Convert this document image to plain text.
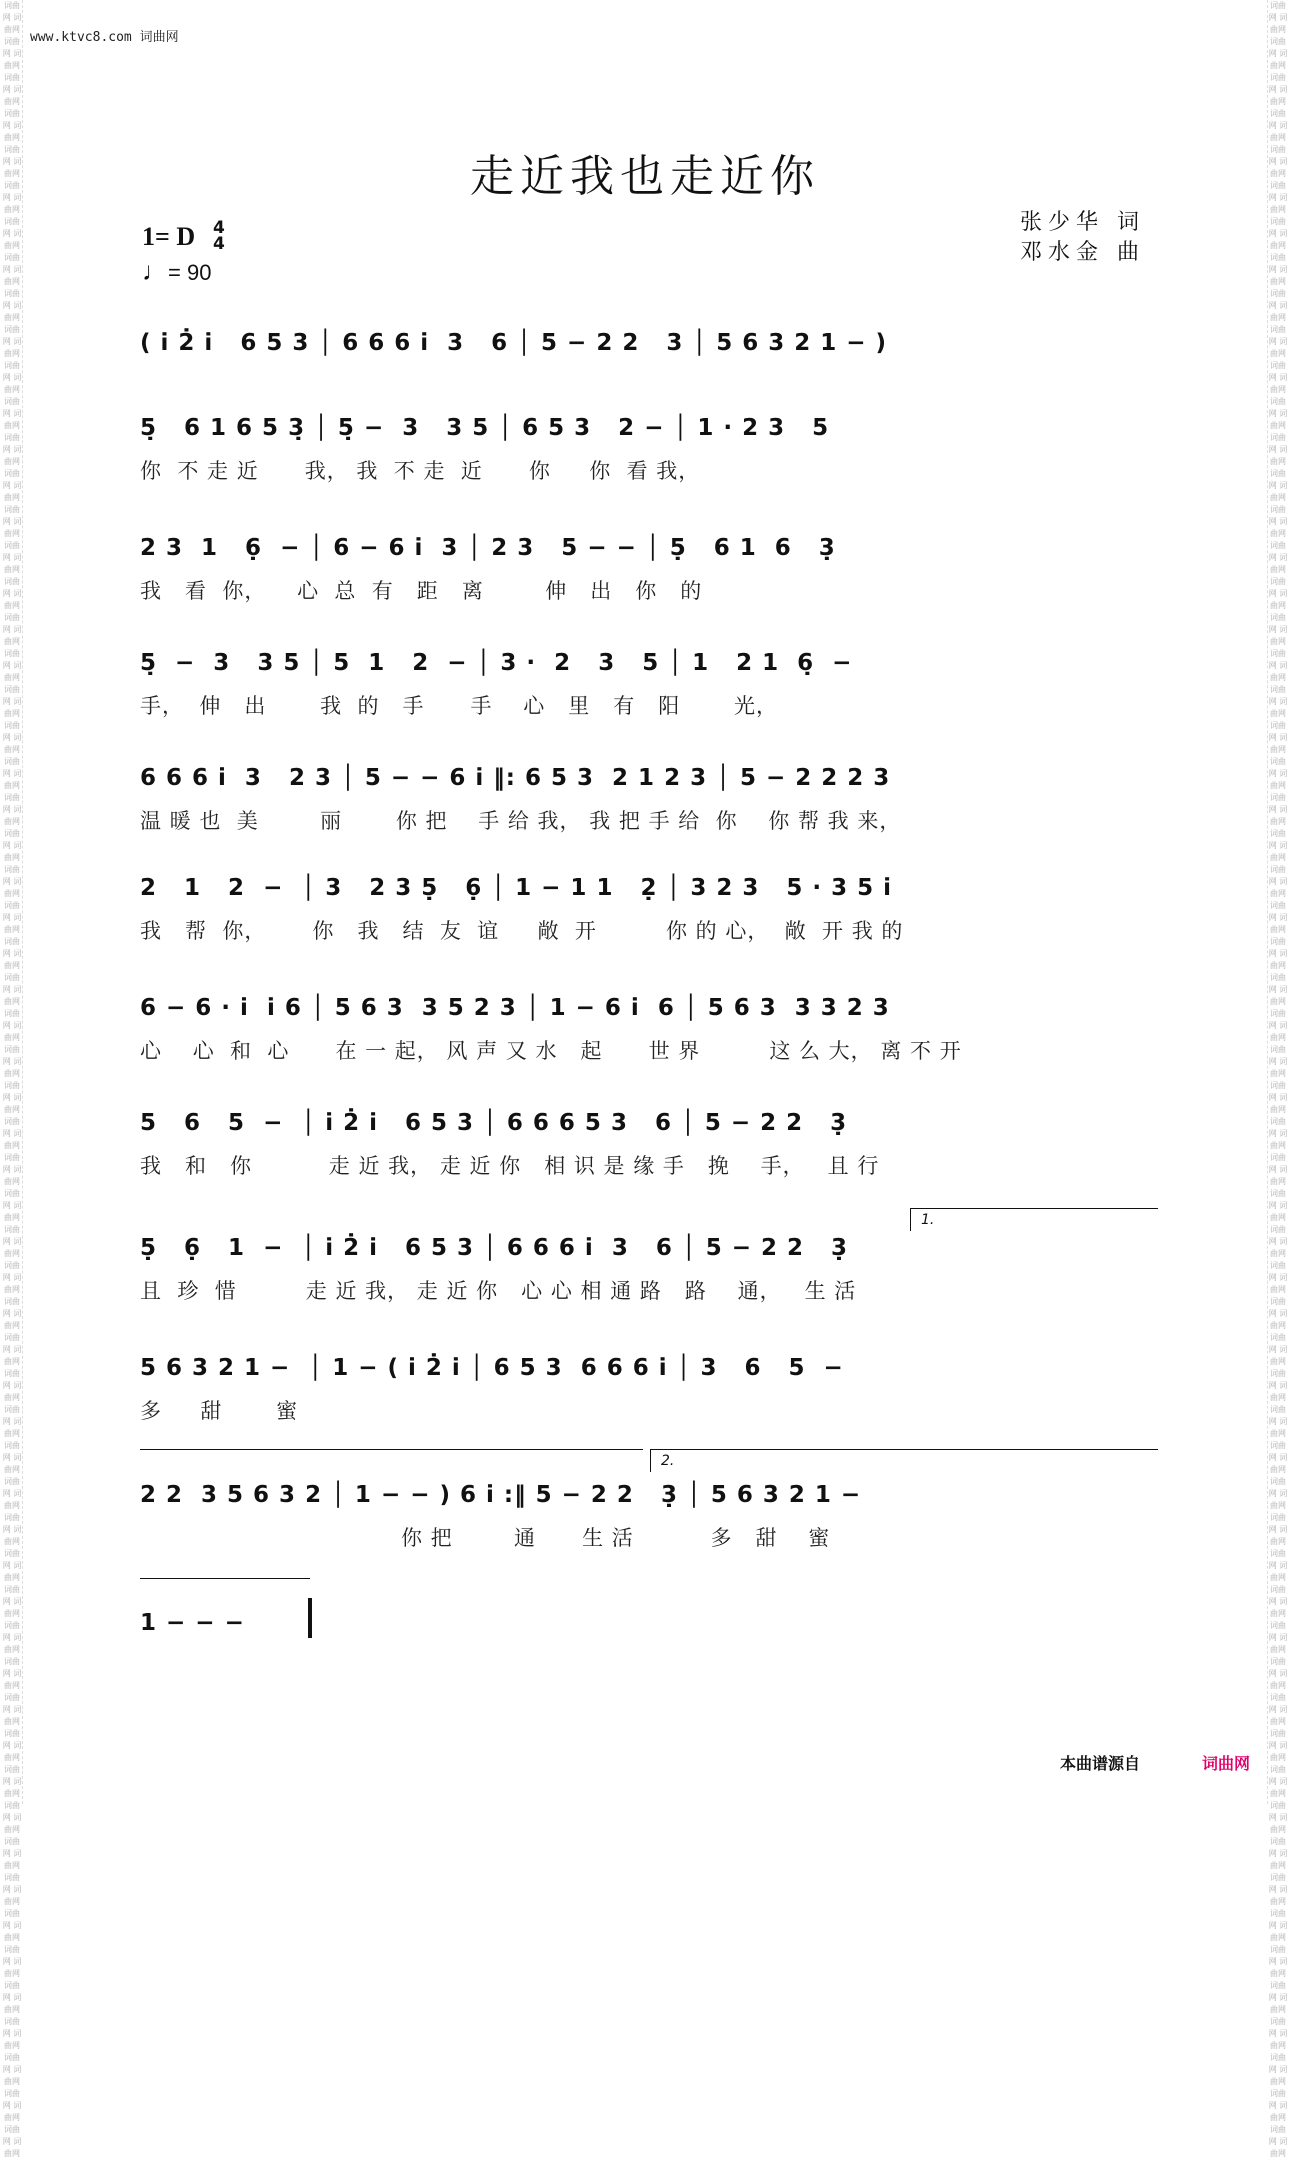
词曲网 词曲网 词曲网 词曲网 词曲网 词曲网 词曲网 词曲网 词曲网 词曲网 词曲网 词曲网 词曲网 词曲网 词曲网 词曲网 词曲网 词曲网 词曲网 词曲网 词曲网 词曲网 词曲网 词曲网 词曲网 词曲网 词曲网 词曲网 词曲网 词曲网 词曲网 词曲网 词曲网 词曲网 词曲网 词曲网 词曲网 词曲网 词曲网 词曲网 词曲网 词曲网 词曲网 词曲网 词曲网 词曲网 词曲网 词曲网 词曲网 词曲网 词曲网 词曲网 词曲网 词曲网 词曲网 词曲网 词曲网 词曲网 词曲网 词曲网 词曲网 词曲网 词曲网 词曲网 词曲网 词曲网 词曲网 词曲网 词曲网 词曲网 词曲网 词曲网 词曲网 词曲网 词曲网 词曲网 词曲网 词曲网 词曲网 词曲网 词曲网 词曲网 词曲网 词曲网 词曲网 词曲网 词曲网 词曲网 词曲网 词曲网 词曲网 词曲网 词曲网 词曲网 词曲网 词曲网 词曲网 词曲网 词曲网 词曲网 词曲网 词曲网 词曲网 词曲网 词曲网 词曲网 词曲网 词曲网 词曲网 词曲网 词曲网 词曲网 词曲网 词曲网 词曲网 词曲网 词曲网 词曲网 词曲网 词曲网
词曲网 词曲网 词曲网 词曲网 词曲网 词曲网 词曲网 词曲网 词曲网 词曲网 词曲网 词曲网 词曲网 词曲网 词曲网 词曲网 词曲网 词曲网 词曲网 词曲网 词曲网 词曲网 词曲网 词曲网 词曲网 词曲网 词曲网 词曲网 词曲网 词曲网 词曲网 词曲网 词曲网 词曲网 词曲网 词曲网 词曲网 词曲网 词曲网 词曲网 词曲网 词曲网 词曲网 词曲网 词曲网 词曲网 词曲网 词曲网 词曲网 词曲网 词曲网 词曲网 词曲网 词曲网 词曲网 词曲网 词曲网 词曲网 词曲网 词曲网 词曲网 词曲网 词曲网 词曲网 词曲网 词曲网 词曲网 词曲网 词曲网 词曲网 词曲网 词曲网 词曲网 词曲网 词曲网 词曲网 词曲网 词曲网 词曲网 词曲网 词曲网 词曲网 词曲网 词曲网 词曲网 词曲网 词曲网 词曲网 词曲网 词曲网 词曲网 词曲网 词曲网 词曲网 词曲网 词曲网 词曲网 词曲网 词曲网 词曲网 词曲网 词曲网 词曲网 词曲网 词曲网 词曲网 词曲网 词曲网 词曲网 词曲网 词曲网 词曲网 词曲网 词曲网 词曲网 词曲网 词曲网 词曲网 词曲网 词曲网
www.ktvc8.com 词曲网
走近我也走近你
1= D 4
4
♩= 90
张少华 词
邓水金 曲
( i̇ 2̇ i̇   6 5 3 │ 6 6 6 i̇  3   6 │ 5 − 2 2   3 │ 5 6 3 2 1 − )
5̣   6 1 6 5 3̣ │ 5̣ −  3   3 5 │ 6 5 3   2 − │ 1 · 2 3   5
你  不 走 近      我， 我  不 走  近      你     你  看 我，
2 3  1   6̣  − │ 6 − 6 i̇  3 │ 2 3   5 − − │ 5̣   6 1  6   3̣
我   看  你，    心  总  有   距   离        伸   出   你   的
5̣  −  3   3 5 │ 5  1   2  − │ 3 ·  2   3   5 │ 1   2 1  6̣  −
手，  伸   出       我  的   手      手    心   里   有   阳       光，
6 6 6 i̇  3   2 3 │ 5 − − 6 i̇ ‖: 6 5 3  2 1 2 3 │ 5 − 2 2 2 3
温 暖 也  美        丽       你 把    手 给 我， 我 把 手 给  你    你 帮 我 来，
2   1   2  −  │ 3   2 3 5̣   6̣ │ 1 − 1 1   2̣ │ 3 2 3   5 · 3 5 i̇
我   帮  你，      你   我   结  友  谊     敞  开         你 的 心，  敞  开 我 的
6 − 6 · i̇  i̇ 6 │ 5 6 3  3 5 2 3 │ 1 − 6 i̇  6 │ 5 6 3  3 3 2 3
心    心  和  心      在 一 起， 风 声 又 水   起      世 界         这 么 大， 离 不 开
5   6   5  −  │ i̇ 2̇ i̇   6 5 3 │ 6 6 6 5 3   6 │ 5 − 2 2   3̣
我   和   你          走 近 我， 走 近 你   相 识 是 缘 手   挽    手，   且 行
1.
5̣   6̣   1  −  │ i̇ 2̇ i̇   6 5 3 │ 6 6 6 i̇  3   6 │ 5 − 2 2   3̣
且  珍  惜         走 近 我， 走 近 你   心 心 相 通 路   路    通，   生 活
5 6 3 2 1 −  │ 1 − ( i̇ 2̇ i̇ │ 6 5 3  6 6 6 i̇ │ 3   6   5  −
多     甜       蜜
2.
2 2  3 5 6 3 2 │ 1 − − ) 6 i̇ :‖ 5 − 2 2   3̣ │ 5 6 3 2 1 −
你 把        通      生 活          多   甜    蜜
1 − − −
本曲谱源自	词曲网
